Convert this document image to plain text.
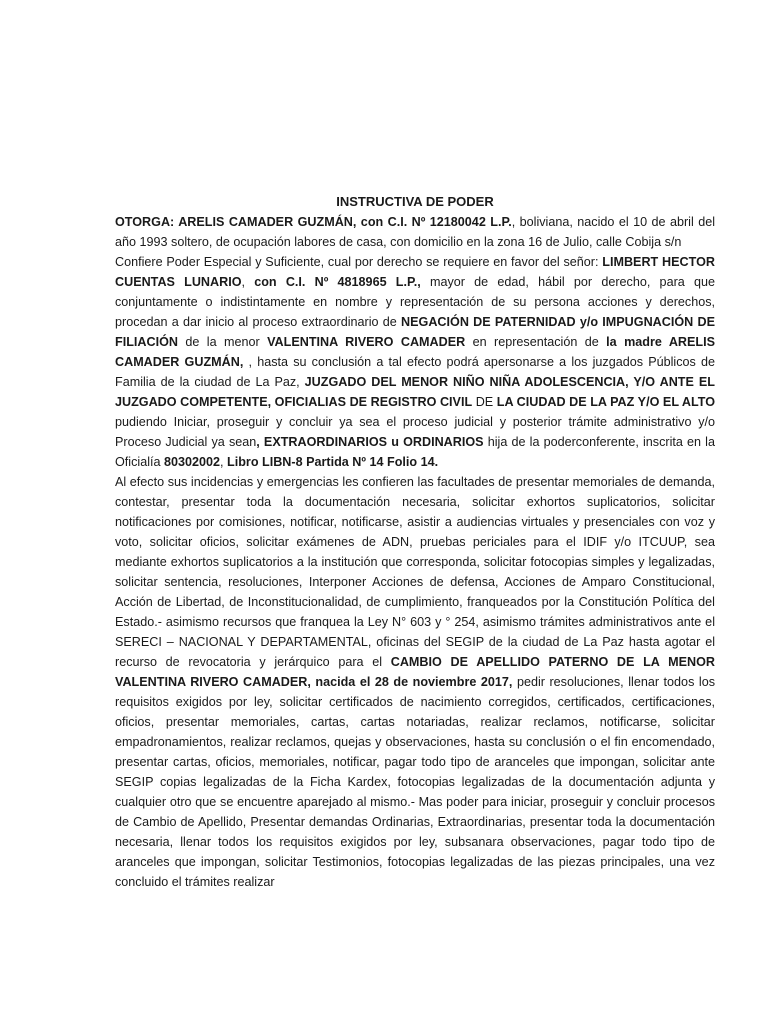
INSTRUCTIVA DE PODER

OTORGA: ARELIS CAMADER GUZMÁN, con C.I. Nº 12180042 L.P., boliviana, nacido el 10 de abril del año 1993 soltero, de ocupación labores de casa, con domicilio en la zona 16 de Julio, calle Cobija s/n

Confiere Poder Especial y Suficiente, cual por derecho se requiere en favor del señor: LIMBERT HECTOR CUENTAS LUNARIO, con C.I. Nº 4818965 L.P., mayor de edad, hábil por derecho, para que conjuntamente o indistintamente en nombre y representación de su persona acciones y derechos, procedan a dar inicio al proceso extraordinario de NEGACIÓN DE PATERNIDAD y/o IMPUGNACIÓN DE FILIACIÓN de la menor VALENTINA RIVERO CAMADER en representación de la madre ARELIS CAMADER GUZMÁN, , hasta su conclusión a tal efecto podrá apersonarse a los juzgados Públicos de Familia de la ciudad de La Paz, JUZGADO DEL MENOR NIÑO NIÑA ADOLESCENCIA, Y/O ANTE EL JUZGADO COMPETENTE, OFICIALIAS DE REGISTRO CIVIL DE LA CIUDAD DE LA PAZ Y/O EL ALTO pudiendo Iniciar, proseguir y concluir ya sea el proceso judicial y posterior trámite administrativo y/o Proceso Judicial ya sean, EXTRAORDINARIOS u ORDINARIOS hija de la poderconferente, inscrita en la Oficialía 80302002, Libro LIBN-8 Partida Nº 14 Folio 14.

Al efecto sus incidencias y emergencias les confieren las facultades de presentar memoriales de demanda, contestar, presentar toda la documentación necesaria, solicitar exhortos suplicatorios, solicitar notificaciones por comisiones, notificar, notificarse, asistir a audiencias virtuales y presenciales con voz y voto, solicitar oficios, solicitar exámenes de ADN, pruebas periciales para el IDIF y/o ITCUUP, sea mediante exhortos suplicatorios a la institución que corresponda, solicitar fotocopias simples y legalizadas, solicitar sentencia, resoluciones, Interponer Acciones de defensa, Acciones de Amparo Constitucional, Acción de Libertad, de Inconstitucionalidad, de cumplimiento, franqueados por la Constitución Política del Estado.- asimismo recursos que franquea la Ley N° 603 y ° 254, asimismo trámites administrativos ante el SERECI – NACIONAL Y DEPARTAMENTAL, oficinas del SEGIP de la ciudad de La Paz hasta agotar el recurso de revocatoria y jerárquico para el CAMBIO DE APELLIDO PATERNO DE LA MENOR VALENTINA RIVERO CAMADER, nacida el 28 de noviembre 2017, pedir resoluciones, llenar todos los requisitos exigidos por ley, solicitar certificados de nacimiento corregidos, certificados, certificaciones, oficios, presentar memoriales, cartas, cartas notariadas, realizar reclamos, notificarse, solicitar empadronamientos, realizar reclamos, quejas y observaciones, hasta su conclusión o el fin encomendado, presentar cartas, oficios, memoriales, notificar, pagar todo tipo de aranceles que impongan, solicitar ante SEGIP copias legalizadas de la Ficha Kardex, fotocopias legalizadas de la documentación adjunta y cualquier otro que se encuentre aparejado al mismo.- Mas poder para iniciar, proseguir y concluir procesos de Cambio de Apellido, Presentar demandas Ordinarias, Extraordinarias, presentar toda la documentación necesaria, llenar todos los requisitos exigidos por ley, subsanara observaciones, pagar todo tipo de aranceles que impongan, solicitar Testimonios, fotocopias legalizadas de las piezas principales, una vez concluido el trámites realizar
